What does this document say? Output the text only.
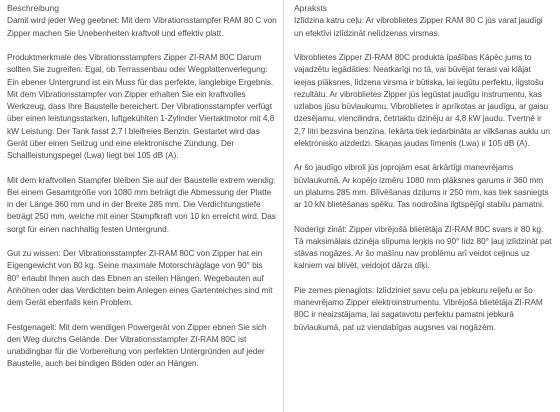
Beschreibung
Damit wird jeder Weg geebnet: Mit dem Vibrationsstampfer RAM 80 C von Zipper machen Sie Unebenheiten kraftvoll und effektiv platt.
Produktmerkmale des Vibrationsstampfers Zipper ZI-RAM 80C Darum sollten Sie zugreifen: Egal, ob Terrassenbau oder Wegplattenverlegung: Ein ebener Untergrund ist ein Muss für das perfekte, langlebige Ergebnis. Mit dem Vibrationsstampfer von Zipper erhalten Sie ein kraftvolles Werkzeug, dass Ihre Baustelle bereichert. Der Vibrationsstampfer verfügt über einen leistungsstarken, luftgekühlten 1-Zylinder Viertaktmotor mit 4,8 kW Leistung. Der Tank fasst 2,7 l bleifreies Benzin. Gestartet wird das Gerät über einen Seilzug und eine elektronische Zündung. Der Schallleistungspegel (Lwa) liegt bei 105 dB (A).
Mit dem kraftvollen Stampfer bleiben Sie auf der Baustelle extrem wendig: Bei einem Gesamtgröße von 1080 mm beträgt die Abmessung der Platte in der Länge 360 mm und in der Breite 285 mm. Die Verdichtungstiefe beträgt 250 mm, welche mit einer Stampfkraft von 10 kn erreicht wird. Das sorgt für einen nachhaltig festen Untergrund.
Gut zu wissen: Der Vibrationsstampfer ZI-RAM 80C von Zipper hat ein Eigengewicht von 80 kg. Seine maximale Motorschräglage von 90° bis 80° erlaubt Ihnen auch das Ebnen an steilen Hängen. Wegebauten auf Anhöhen oder das Verdichten beim Anlegen eines Gartenteiches sind mit dem Gerät ebenfalls kein Problem.
Festgenagelt: Mit dem wendigen Powergerät von Zipper ebnen Sie sich den Weg durchs Gelände. Der Vibrationsstampfer ZI-RAM 80C ist unabdingbar für die Vorbereitung von perfekten Untergründen auf jeder Baustelle, auch bei bindigen Böden oder an Hängen.
Apraksts
Izlīdzina katru ceļu: Ar vibroblietes Zipper RAM 80 C jūs varat jaudīgi un efektīvi izlīdzināt nelīdzenas virsmas.
Vibroblietes Zipper ZI-RAM 80C produkta īpašības Kāpēc jums to vajadzētu iegādāties: Neatkarīgi no tā, vai būvējat terasi vai klājat ieejas plāksnes, līdzena virsma ir būtiska, lai iegūtu perfektu, ilgstošu rezultātu. Ar vibroblietes Zipper jūs iegūstat jaudīgu instrumentu, kas uzlabos jūsu būvlaukumu. Vibroblietes ir aprīkotas ar jaudīgu, ar gaisu dzesējamu, viencilindra, četrtaktu dzinēju ar 4,8 kW jaudu. Tvertnē ir 2,7 litri bezsvina benzīna. Iekārta tiek iedarbināta ar vilkšanas auklu un elektronisko aizdedzi. Skaņas jaudas līmenis (Lwa) ir 105 dB (A).
Ar šo jaudīgo vibroli jūs joprojām esat ārkārtīgi manevrējams būvlaukumā. Ar kopējo izmēru 1080 mm plāksnes garums ir 360 mm un platums 285 mm. Blīvēšanas dziļums ir 250 mm, kas tiek sasniegts ar 10 kN blietēšanas spēku. Tas nodrošina ilgtspējīgi stabilu pamatni.
Noderīgi zināt: Zipper vibrējošā blietētāja ZI-RAM 80C svars ir 80 kg. Tā maksimālais dzinēja slīpuma leņķis no 90° līdz 80° ļauj izlīdzināt pat stāvas nogāzes. Ar šo mašīnu nav problēmu arī veidot ceļinus uz kalniem vai blīvēt, veidojot dārza dīķi.
Pie zemes pienaglots: Izlīdziniet savu ceļu pa jebkuru reljefu ar šo manevrējamo Zipper elektroinstrumentu. Vibrējošā blietētāja ZI-RAM 80C ir neaizstājama, lai sagatavotu perfektu pamatni jebkurā būvlaukumā, pat uz viendabīgas augsnes vai nogāzēm.
